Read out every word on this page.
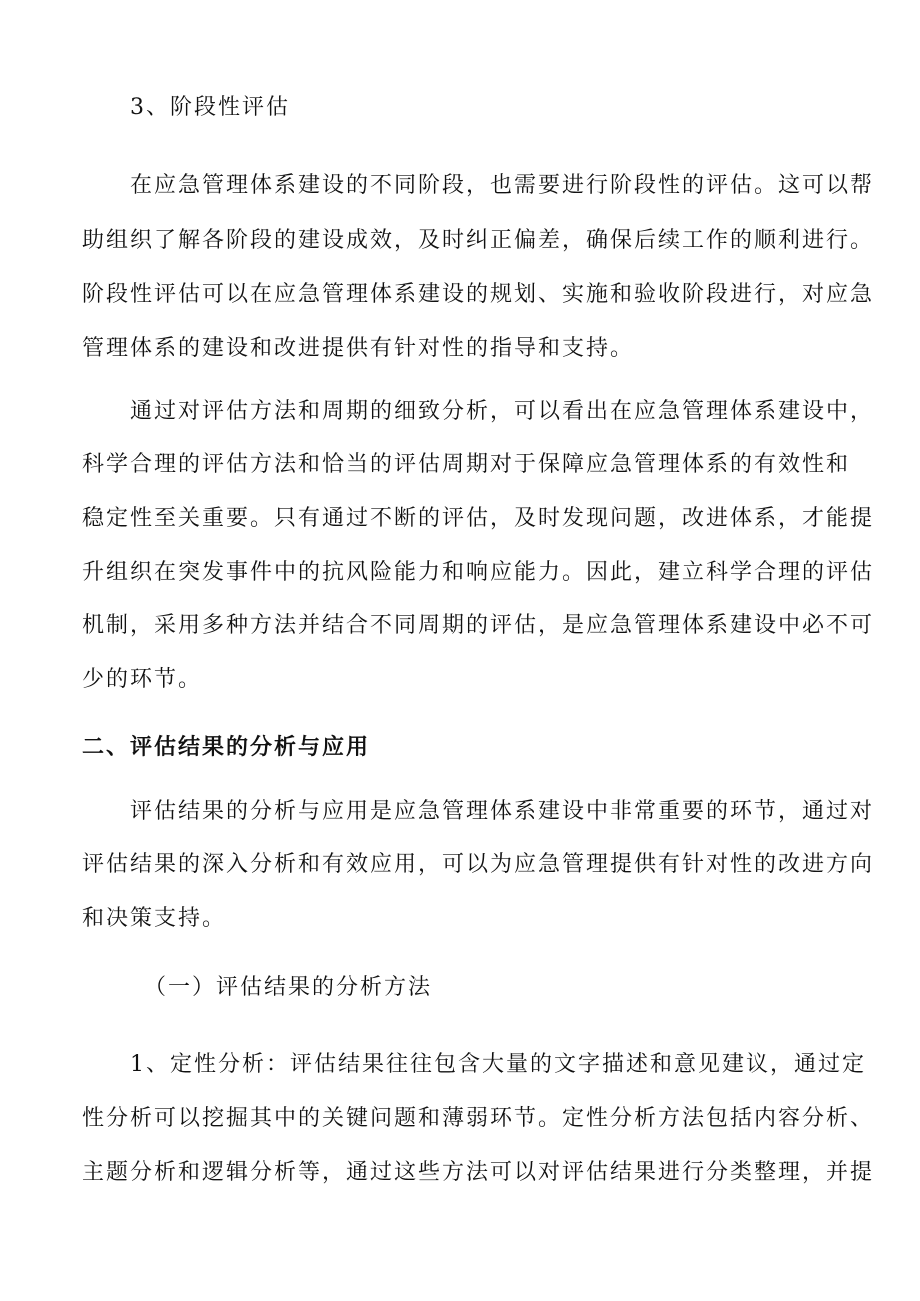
3、阶段性评估
在应急管理体系建设的不同阶段，也需要进行阶段性的评估。这可以帮
助组织了解各阶段的建设成效，及时纠正偏差，确保后续工作的顺利进行。
阶段性评估可以在应急管理体系建设的规划、实施和验收阶段进行，对应急
管理体系的建设和改进提供有针对性的指导和支持。
通过对评估方法和周期的细致分析，可以看出在应急管理体系建设中，
科学合理的评估方法和恰当的评估周期对于保障应急管理体系的有效性和
稳定性至关重要。只有通过不断的评估，及时发现问题，改进体系，才能提
升组织在突发事件中的抗风险能力和响应能力。因此，建立科学合理的评估
机制，采用多种方法并结合不同周期的评估，是应急管理体系建设中必不可
少的环节。
二、评估结果的分析与应用
评估结果的分析与应用是应急管理体系建设中非常重要的环节，通过对
评估结果的深入分析和有效应用，可以为应急管理提供有针对性的改进方向
和决策支持。
（一）评估结果的分析方法
1、定性分析：评估结果往往包含大量的文字描述和意见建议，通过定
性分析可以挖掘其中的关键问题和薄弱环节。定性分析方法包括内容分析、
主题分析和逻辑分析等，通过这些方法可以对评估结果进行分类整理，并提
